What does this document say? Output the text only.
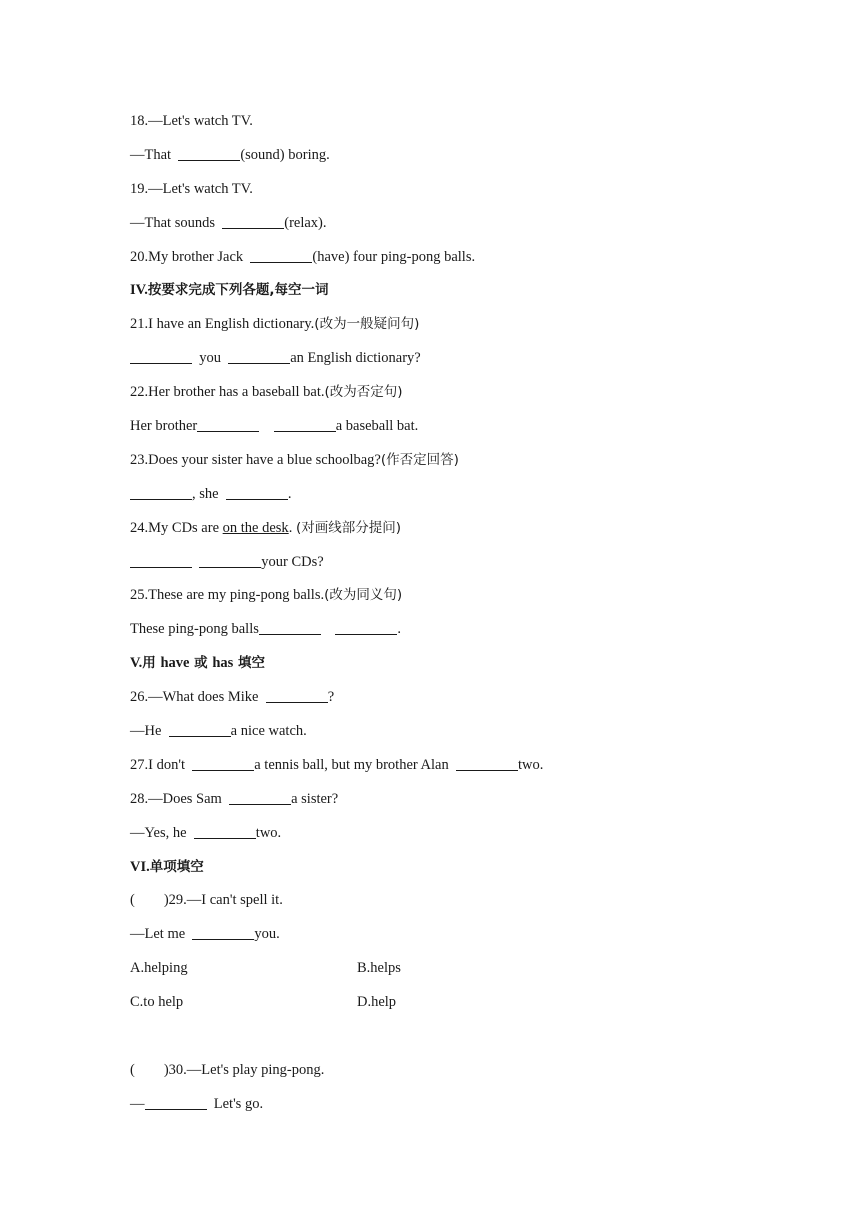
18.—Let's watch TV.
—That	(sound) boring.
19.—Let's watch TV.
—That sounds	(relax).
20.My brother Jack	(have) four ping-pong balls.
IV. 按要求完成下列各题,每空一词
21.I have an English dictionary. (改为一般疑问句)
you	an English dictionary?
22.Her brother has a baseball bat. (改为否定句)
Her brother
	a baseball bat.
23.Does your sister have a blue schoolbag? (作否定回答)
, she	.
24.My CDs are on the desk . (对画线部分提问)

your CDs?
25.These are my ping-pong balls. (改为同义句)
These ping-pong balls
	.
V. 用 have 或 has 填空
26.—What does Mike	?
—He	a nice watch.
27.I don't	a tennis ball, but my brother Alan	two.
28.—Does Sam	a sister?
—Yes, he	two.
VI. 单项填空
(        ) 29.—I can't spell it.
—Let me	you.
A.helping	B.helps
C.to help	D.help
(        ) 30.—Let's play ping-pong.
—	Let's go.
